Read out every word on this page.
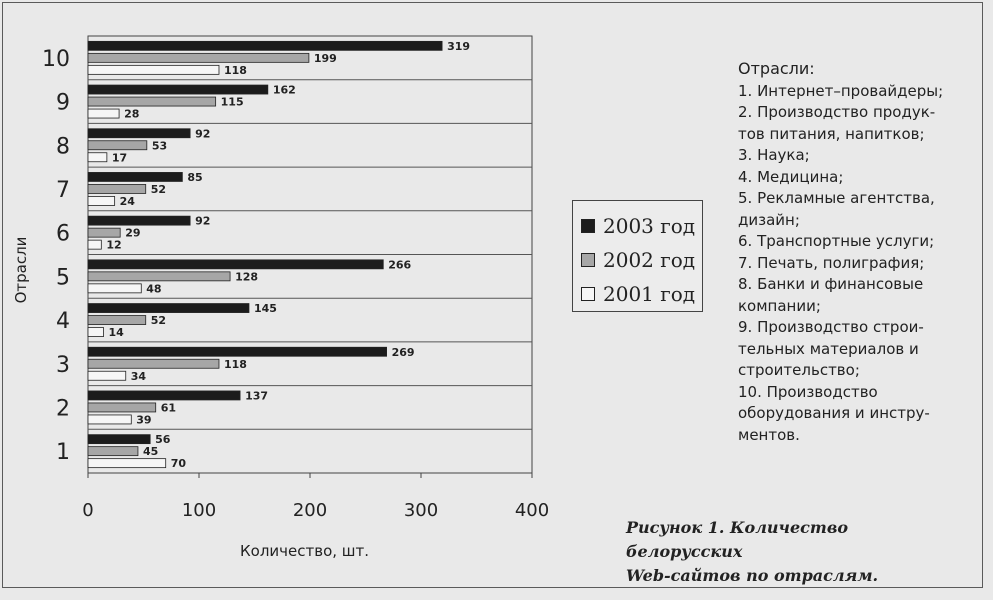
56
45
70
137
61
39
269
118
34
145
52
14
266
128
48
92
29
12
85
52
24
92
53
17
162
115
28
319
199
118
1
2
3
4
5
6
7
8
9
10
0	100	200	300	400
Количество, шт.
Отрасли
2003 год
2002 год
2001 год
Отрасли:
1. Интернет–провайдеры;
2. Производство продук-
тов питания, напитков;
3. Наука;
4. Медицина;
5. Рекламные агентства,
дизайн;
6. Транспортные услуги;
7. Печать, полиграфия;
8. Банки и финансовые
компании;
9. Производство строи-
тельных материалов и
строительство;
10. Производство
оборудования и инстру-
ментов.
Рисунок 1. Количество белорусских
Web-сайтов по отраслям.
